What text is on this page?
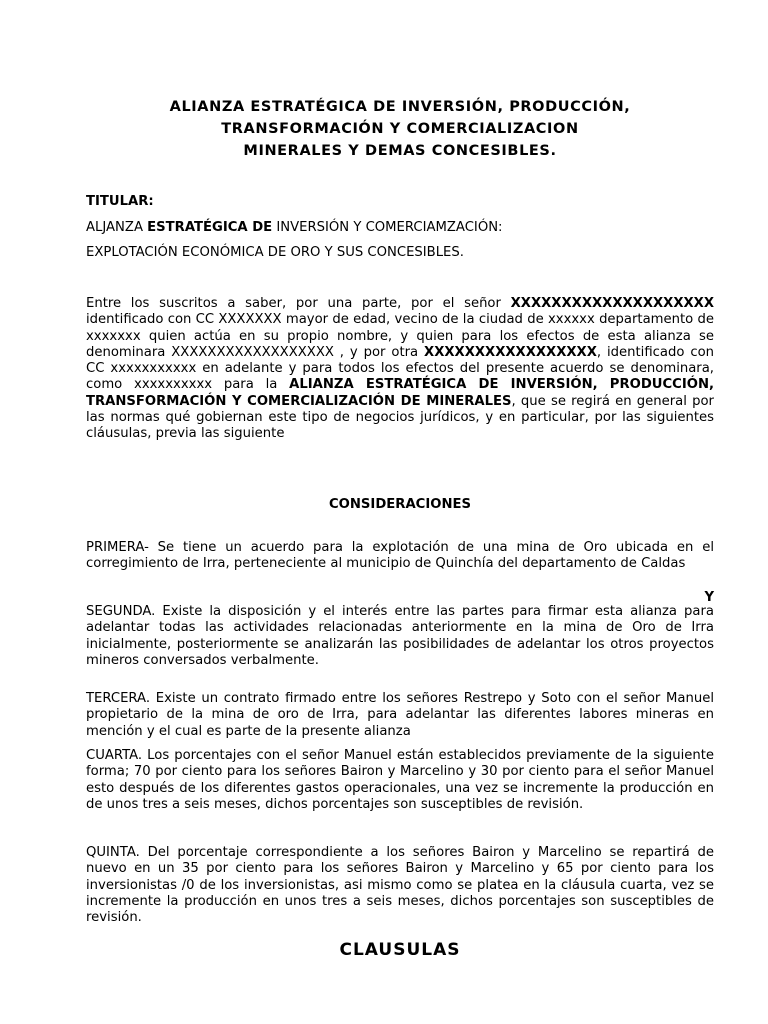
ALIANZA ESTRATÉGICA DE INVERSIÓN, PRODUCCIÓN,
TRANSFORMACIÓN Y COMERCIALIZACION
MINERALES Y DEMAS CONCESIBLES.

TITULAR:

ALJANZA ESTRATÉGICA DE INVERSIÓN Y COMERCIAMZACIÓN:

EXPLOTACIÓN ECONÓMICA DE ORO Y SUS CONCESIBLES.

Entre los suscritos a saber, por una parte, por el señor XXXXXXXXXXXXXXXXXXXX identificado con CC XXXXXXX mayor de edad, vecino de la ciudad de xxxxxx departamento de xxxxxxx quien actúa en su propio nombre, y quien para los efectos de esta alianza se denominara XXXXXXXXXXXXXXXXXX , y por otra XXXXXXXXXXXXXXXXX, identificado con CC xxxxxxxxxxx en adelante y para todos los efectos del presente acuerdo se denominara, como xxxxxxxxxx para la ALIANZA ESTRATÉGICA DE INVERSIÓN, PRODUCCIÓN, TRANSFORMACIÓN Y COMERCIALIZACIÓN DE MINERALES, que se regirá en general por las normas qué gobiernan este tipo de negocios jurídicos, y en particular, por las siguientes cláusulas, previa las siguiente

CONSIDERACIONES

PRIMERA- Se tiene un acuerdo para la explotación de una mina de Oro ubicada en el corregimiento de Irra, perteneciente al municipio de Quinchía del departamento de Caldas

Y

SEGUNDA. Existe la disposición y el interés entre las partes para firmar esta alianza para adelantar todas las actividades relacionadas anteriormente en la mina de Oro de Irra inicialmente, posteriormente se analizarán las posibilidades de adelantar los otros proyectos mineros conversados verbalmente.

TERCERA. Existe un contrato firmado entre los señores Restrepo y Soto con el señor Manuel propietario de la mina de oro de Irra, para adelantar las diferentes labores mineras en mención y el cual es parte de la presente alianza

CUARTA. Los porcentajes con el señor Manuel están establecidos previamente de la siguiente forma; 70 por ciento para los señores Bairon y Marcelino y 30 por ciento para el señor Manuel esto después de los diferentes gastos operacionales, una vez se incremente la producción en de unos tres a seis meses, dichos porcentajes son susceptibles de revisión.

QUINTA. Del porcentaje correspondiente a los señores Bairon y Marcelino se repartirá de nuevo en un 35 por ciento para los señores Bairon y Marcelino y 65 por ciento para los inversionistas /0 de los inversionistas, asi mismo como se platea en la cláusula cuarta, vez se incremente la producción en unos tres a seis meses, dichos porcentajes son susceptibles de revisión.

CLAUSULAS
